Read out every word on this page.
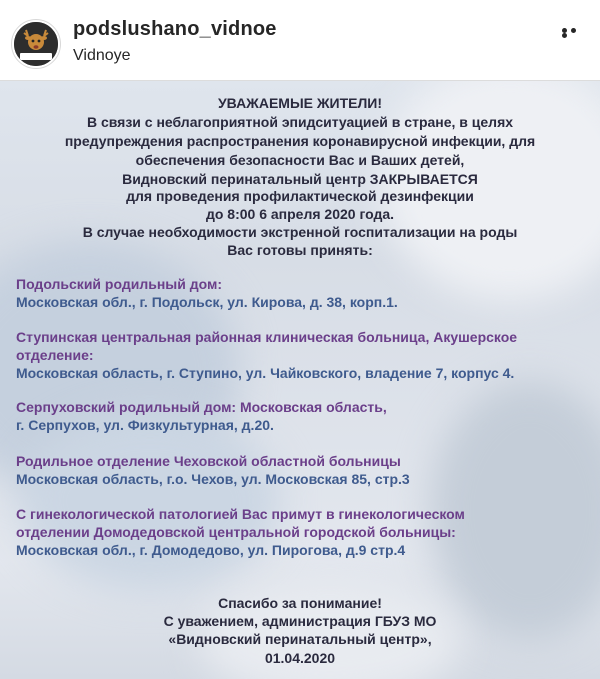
podslushano_vidnoe
Vidnoye
УВАЖАЕМЫЕ ЖИТЕЛИ!
В связи с неблагоприятной эпидситуацией в стране, в целях
предупреждения распространения коронавирусной инфекции, для
обеспечения безопасности Вас и Ваших детей,
Видновский перинатальный центр ЗАКРЫВАЕТСЯ
для проведения профилактической дезинфекции
до 8:00 6 апреля 2020 года.
В случае необходимости экстренной госпитализации на роды
Вас готовы принять:
Подольский родильный дом:
Московская обл., г. Подольск, ул. Кирова, д. 38, корп.1.
Ступинская центральная районная клиническая больница, Акушерское
отделение:
Московская область, г. Ступино, ул. Чайковского, владение 7, корпус 4.
Серпуховский родильный дом: Московская область,
г. Серпухов, ул. Физкультурная, д.20.
Родильное отделение Чеховской областной больницы
Московская область, г.о. Чехов, ул. Московская 85, стр.3
С гинекологической патологией Вас примут в гинекологическом
отделении Домодедовской центральной городской больницы:
Московская обл., г. Домодедово, ул. Пирогова, д.9 стр.4
Спасибо за понимание!
С уважением, администрация ГБУЗ МО
«Видновский перинатальный центр»,
01.04.2020
